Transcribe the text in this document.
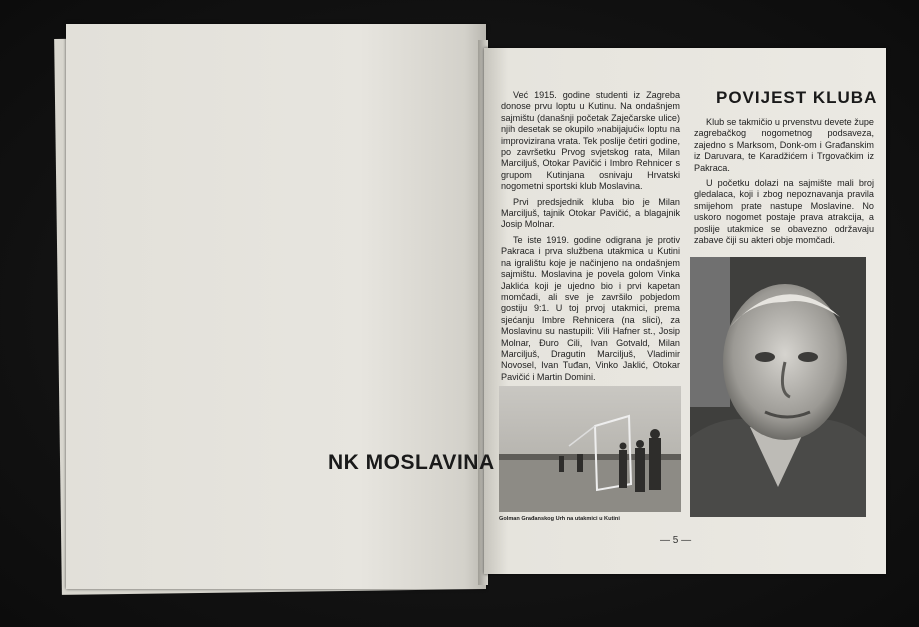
NK MOSLAVINA
POVIJEST KLUBA

Već 1915. godine studenti iz Zagreba donose prvu loptu u Kutinu. Na ondašnjem sajmištu (današnji početak Zaječarske ulice) njih desetak se okupilo »nabijajući« loptu na improvizirana vrata. Tek poslije četiri godine, po završetku Prvog svjetskog rata, Milan Marciljuš, Otokar Pavičić i Imbro Rehnicer s grupom Kutinjana osnivaju Hrvatski nogometni sportski klub Moslavina.

Prvi predsjednik kluba bio je Milan Marciljuš, tajnik Otokar Pavičić, a blagajnik Josip Molnar.

Te iste 1919. godine odigrana je protiv Pakraca i prva službena utakmica u Kutini na igralištu koje je načinjeno na ondašnjem sajmištu. Moslavina je povela golom Vinka Jaklića koji je ujedno bio i prvi kapetan momčadi, ali sve je završilo pobjedom gostiju 9:1. U toj prvoj utakmici, prema sjećanju Imbre Rehnicera (na slici), za Moslavinu su nastupili: Vili Hafner st., Josip Molnar, Đuro Cili, Ivan Gotvald, Milan Marciljuš, Dragutin Marciljuš, Vladimir Novosel, Ivan Tuđan, Vinko Jaklić, Otokar Pavičić i Martin Domini.

Klub se takmičio u prvenstvu devete župe zagrebačkog nogometnog podsaveza, zajedno s Marksom, Donk-om i Građanskim iz Daruvara, te Karadžićem i Trgovačkim iz Pakraca.

U početku dolazi na sajmište mali broj gledalaca, koji i zbog nepoznavanja pravila smijehom prate nastupe Moslavine. No uskoro nogomet postaje prava atrakcija, a poslije utakmice se obavezno održavaju zabave čiji su akteri obje momčadi.

Golman Građanskog Urh na utakmici u Kutini
— 5 —
